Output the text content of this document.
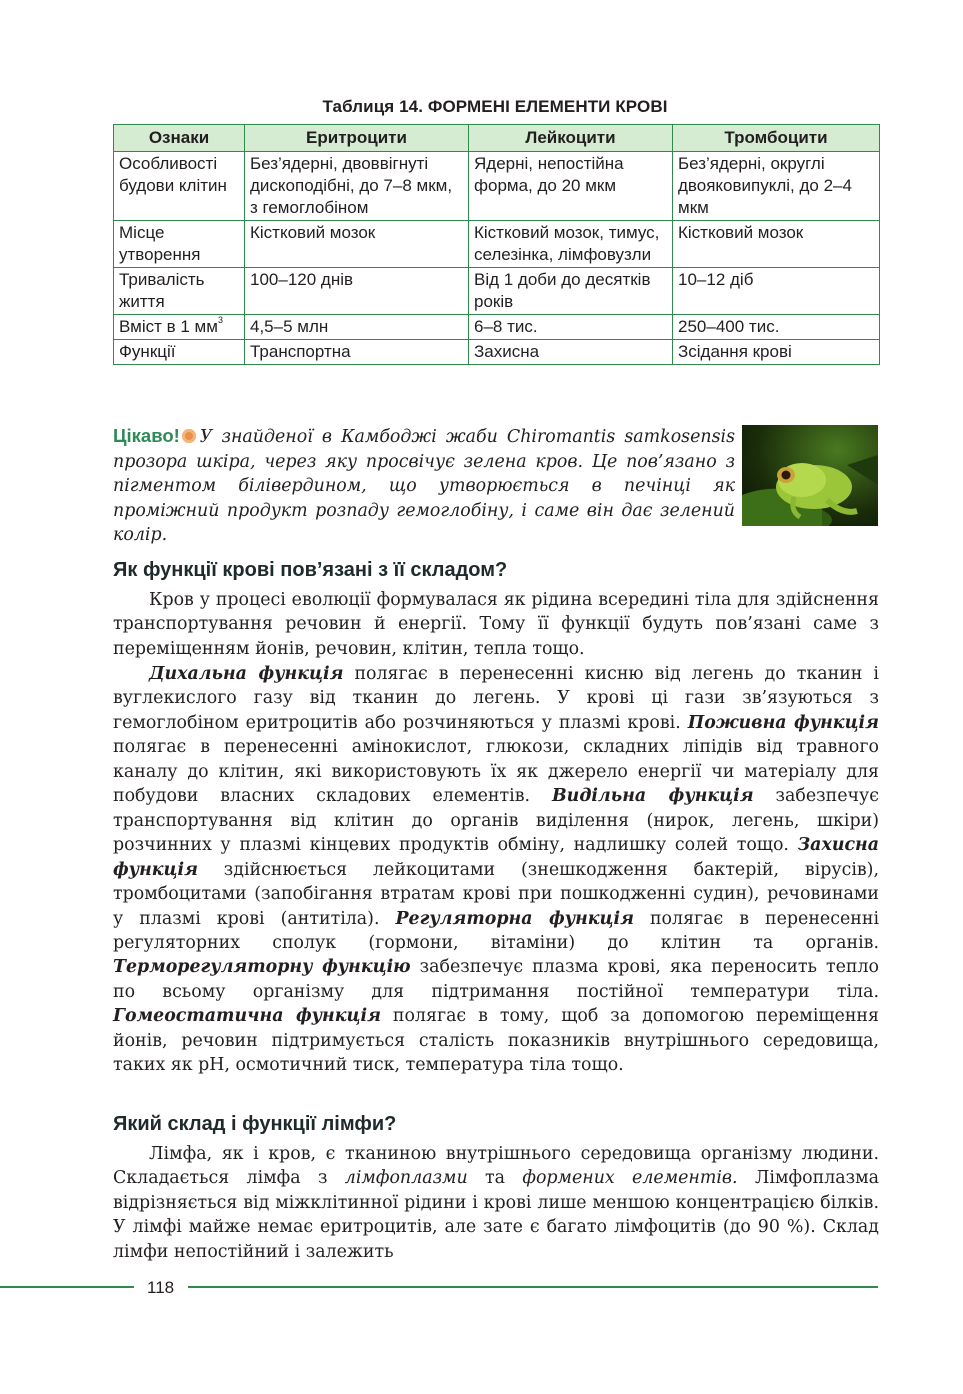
Таблиця 14. ФОРМЕНІ ЕЛЕМЕНТИ КРОВІ
Ознаки	Еритроцити	Лейкоцити	Тромбоцити
Особливості будови клітин	Без’ядерні, двоввігнуті дископодібні, до 7–8 мкм, з гемоглобіном	Ядерні, непостійна форма, до 20 мкм	Без’ядерні, округлі двояковипуклі, до 2–4 мкм
Місце утворення	Кістковий мозок	Кістковий мозок, тимус, селезінка, лімфовузли	Кістковий мозок
Тривалість життя	100–120 днів	Від 1 доби до десятків років	10–12 діб
Вміст в 1 $мм^3$	4,5–5 млн	6–8 тис.	250–400 тис.
Функції	Транспортна	Захисна	Зсідання крові
Цікаво! У знайденої в Камбоджі жаби Chiromantis samkosensis прозора шкіра, через яку просвічує зелена кров. Це пов’язано з пігментом білівердином, що утворюється в печінці як проміжний продукт розпаду гемоглобіну, і саме він дає зелений колір.
Як функції крові пов’язані з її складом?

Кров у процесі еволюції формувалася як рідина всередині тіла для здійснення транспортування речовин й енергії. Тому її функції будуть пов’язані саме з переміщенням йонів, речовин, клітин, тепла тощо.

Дихальна функція полягає в перенесенні кисню від легень до тканин і вуглекислого газу від тканин до легень. У крові ці гази зв’язуються з гемоглобіном еритроцитів або розчиняються у плазмі крові. Поживна функція полягає в перенесенні амінокислот, глюкози, складних ліпідів від травного каналу до клітин, які використовують їх як джерело енергії чи матеріалу для побудови власних складових елементів. Видільна функція забезпечує транспортування від клітин до органів виділення (нирок, легень, шкіри) розчинних у плазмі кінцевих продуктів обміну, надлишку солей тощо. Захисна функція здійснюється лейкоцитами (знешкодження бактерій, вірусів), тромбоцитами (запобігання втратам крові при пошкодженні судин), речовинами у плазмі крові (антитіла). Регуляторна функція полягає в перенесенні регуляторних сполук (гормони, вітаміни) до клітин та органів. Терморегуляторну функцію забезпечує плазма крові, яка переносить тепло по всьому організму для підтримання постійної температури тіла. Гомеостатична функція полягає в тому, щоб за допомогою переміщення йонів, речовин підтримується сталість показників внутрішнього середовища, таких як pH, осмотичний тиск, температура тіла тощо.

Який склад і функції лімфи?

Лімфа, як і кров, є тканиною внутрішнього середовища організму людини. Складається лімфа з лімфоплазми та формених елементів. Лімфоплазма відрізняється від міжклітинної рідини і крові лише меншою концентрацією білків. У лімфі майже немає еритроцитів, але зате є багато лімфоцитів (до 90 %). Склад лімфи непостійний і залежить

118
